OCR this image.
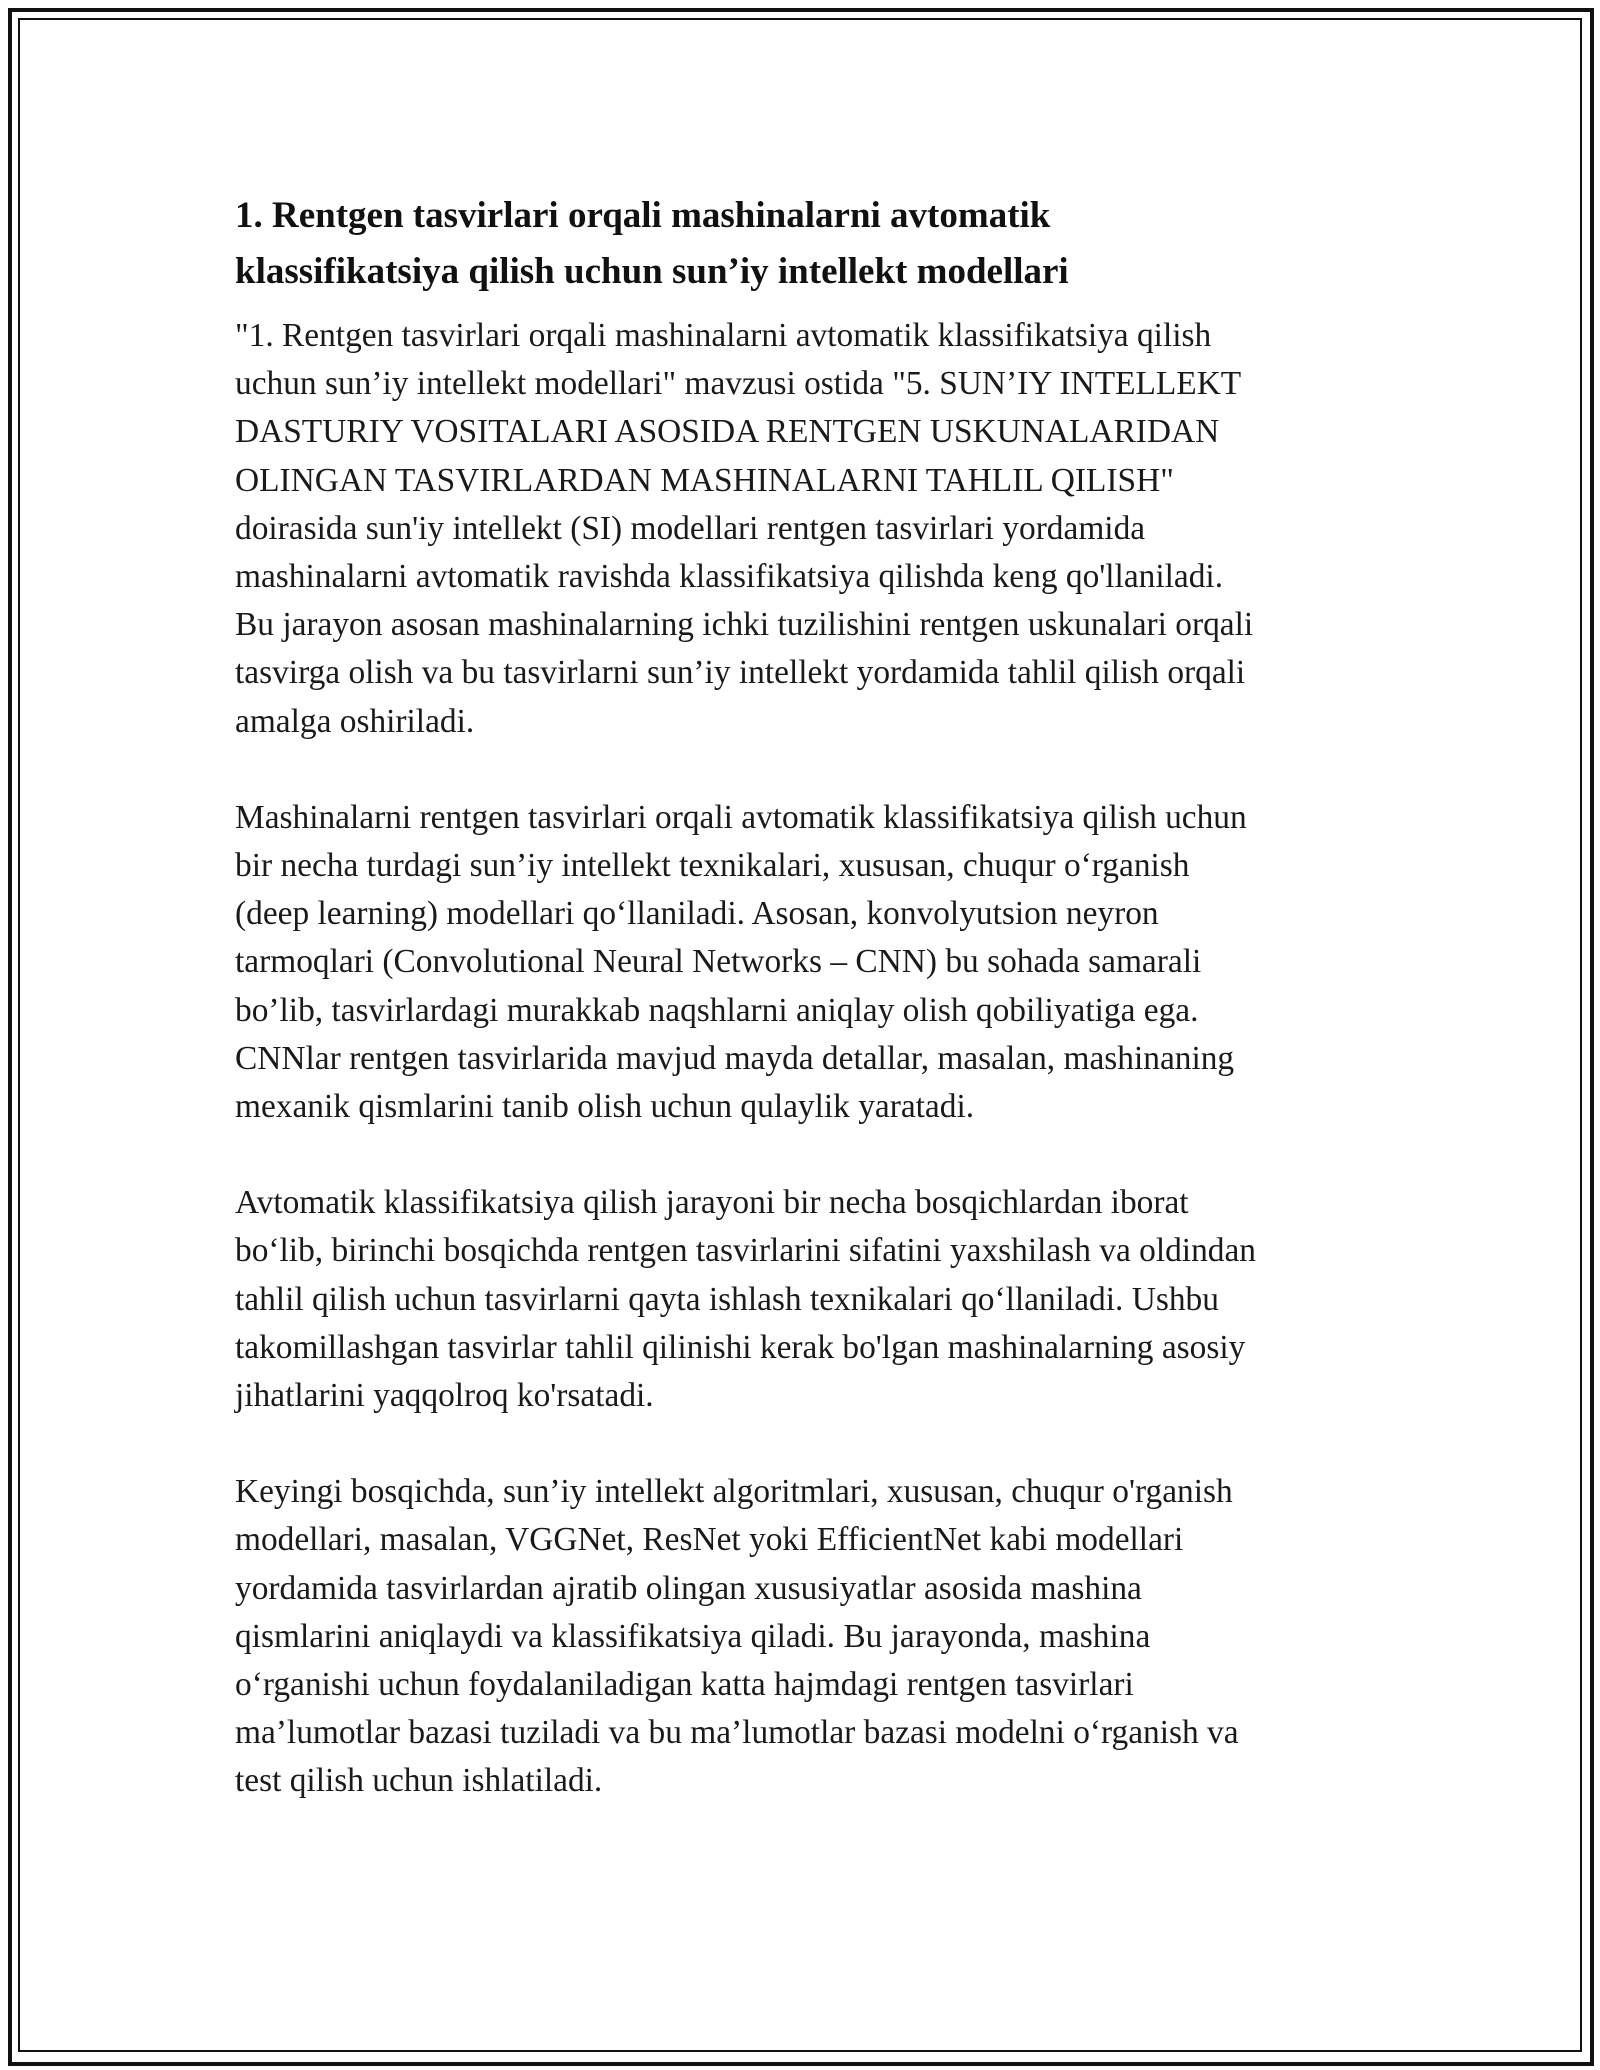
1. Rentgen tasvirlari orqali mashinalarni avtomatik
klassifikatsiya qilish uchun sun’iy intellekt modellari

"1. Rentgen tasvirlari orqali mashinalarni avtomatik klassifikatsiya qilish
uchun sun’iy intellekt modellari" mavzusi ostida "5. SUN’IY INTELLEKT
DASTURIY VOSITALARI ASOSIDA RENTGEN USKUNALARIDAN
OLINGAN TASVIRLARDAN MASHINALARNI TAHLIL QILISH"
doirasida sun'iy intellekt (SI) modellari rentgen tasvirlari yordamida
mashinalarni avtomatik ravishda klassifikatsiya qilishda keng qo'llaniladi.
Bu jarayon asosan mashinalarning ichki tuzilishini rentgen uskunalari orqali
tasvirga olish va bu tasvirlarni sun’iy intellekt yordamida tahlil qilish orqali
amalga oshiriladi.

Mashinalarni rentgen tasvirlari orqali avtomatik klassifikatsiya qilish uchun
bir necha turdagi sun’iy intellekt texnikalari, xususan, chuqur o‘rganish
(deep learning) modellari qo‘llaniladi. Asosan, konvolyutsion neyron
tarmoqlari (Convolutional Neural Networks – CNN) bu sohada samarali
bo’lib, tasvirlardagi murakkab naqshlarni aniqlay olish qobiliyatiga ega.
CNNlar rentgen tasvirlarida mavjud mayda detallar, masalan, mashinaning
mexanik qismlarini tanib olish uchun qulaylik yaratadi.

Avtomatik klassifikatsiya qilish jarayoni bir necha bosqichlardan iborat
bo‘lib, birinchi bosqichda rentgen tasvirlarini sifatini yaxshilash va oldindan
tahlil qilish uchun tasvirlarni qayta ishlash texnikalari qo‘llaniladi. Ushbu
takomillashgan tasvirlar tahlil qilinishi kerak bo'lgan mashinalarning asosiy
jihatlarini yaqqolroq ko'rsatadi.

Keyingi bosqichda, sun’iy intellekt algoritmlari, xususan, chuqur o'rganish
modellari, masalan, VGGNet, ResNet yoki EfficientNet kabi modellari
yordamida tasvirlardan ajratib olingan xususiyatlar asosida mashina
qismlarini aniqlaydi va klassifikatsiya qiladi. Bu jarayonda, mashina
o‘rganishi uchun foydalaniladigan katta hajmdagi rentgen tasvirlari
ma’lumotlar bazasi tuziladi va bu ma’lumotlar bazasi modelni o‘rganish va
test qilish uchun ishlatiladi.
